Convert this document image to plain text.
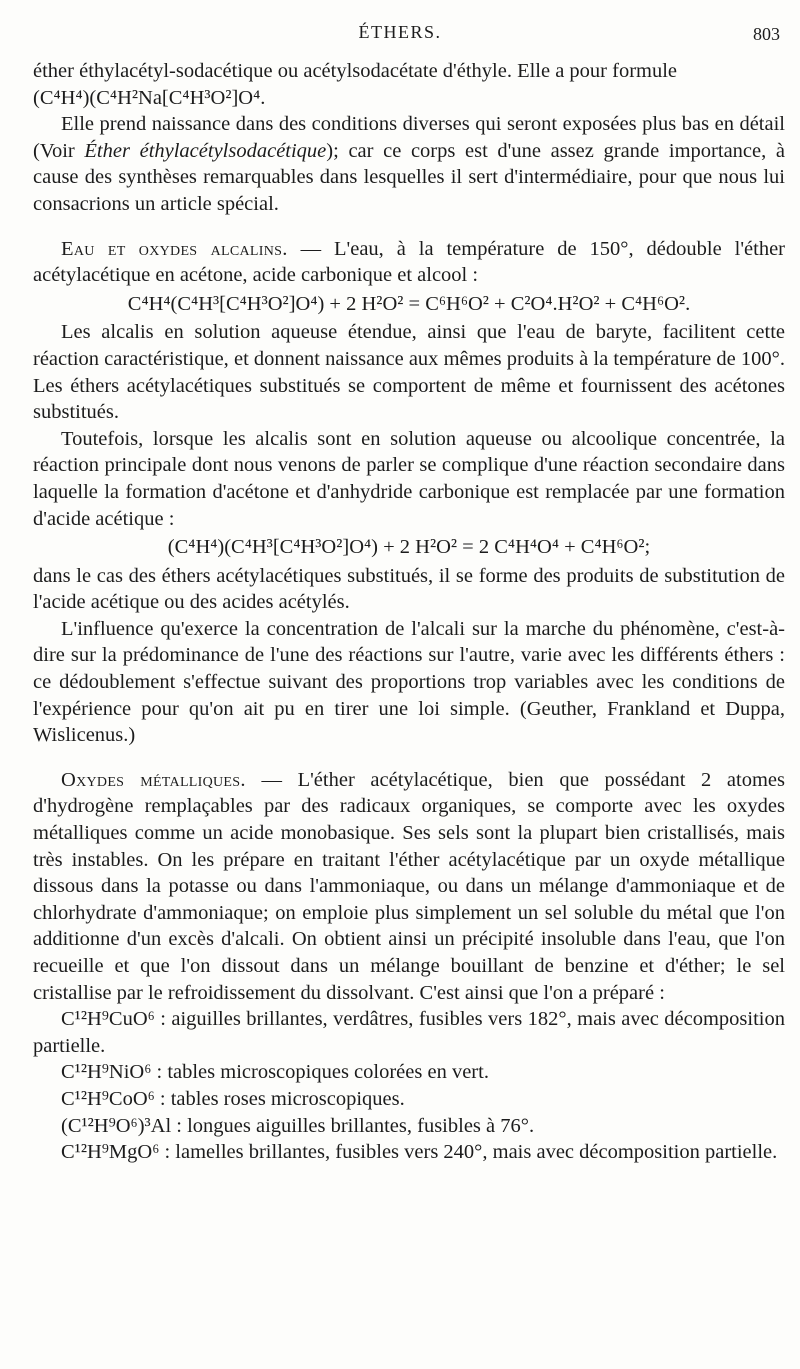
ÉTHERS.	803

éther éthylacétyl-sodacétique ou acétylsodacétate d'éthyle. Elle a pour formule
(C⁴H⁴)(C⁴H²Na[C⁴H³O²]O⁴.

Elle prend naissance dans des conditions diverses qui seront exposées plus bas en détail (Voir Éther éthylacétylsodacétique); car ce corps est d'une assez grande importance, à cause des synthèses remarquables dans lesquelles il sert d'intermédiaire, pour que nous lui consacrions un article spécial.

Eau et oxydes alcalins. — L'eau, à la température de 150°, dédouble l'éther acétylacétique en acétone, acide carbonique et alcool :

C⁴H⁴(C⁴H³[C⁴H³O²]O⁴) + 2 H²O² = C⁶H⁶O² + C²O⁴.H²O² + C⁴H⁶O².

Les alcalis en solution aqueuse étendue, ainsi que l'eau de baryte, facilitent cette réaction caractéristique, et donnent naissance aux mêmes produits à la température de 100°. Les éthers acétylacétiques substitués se comportent de même et fournissent des acétones substitués.

Toutefois, lorsque les alcalis sont en solution aqueuse ou alcoolique concentrée, la réaction principale dont nous venons de parler se complique d'une réaction secondaire dans laquelle la formation d'acétone et d'anhydride carbonique est remplacée par une formation d'acide acétique :

(C⁴H⁴)(C⁴H³[C⁴H³O²]O⁴) + 2 H²O² = 2 C⁴H⁴O⁴ + C⁴H⁶O²;

dans le cas des éthers acétylacétiques substitués, il se forme des produits de substitution de l'acide acétique ou des acides acétylés.

L'influence qu'exerce la concentration de l'alcali sur la marche du phénomène, c'est-à-dire sur la prédominance de l'une des réactions sur l'autre, varie avec les différents éthers : ce dédoublement s'effectue suivant des proportions trop variables avec les conditions de l'expérience pour qu'on ait pu en tirer une loi simple. (Geuther, Frankland et Duppa, Wislicenus.)

Oxydes métalliques. — L'éther acétylacétique, bien que possédant 2 atomes d'hydrogène remplaçables par des radicaux organiques, se comporte avec les oxydes métalliques comme un acide monobasique. Ses sels sont la plupart bien cristallisés, mais très instables. On les prépare en traitant l'éther acétylacétique par un oxyde métallique dissous dans la potasse ou dans l'ammoniaque, ou dans un mélange d'ammoniaque et de chlorhydrate d'ammoniaque; on emploie plus simplement un sel soluble du métal que l'on additionne d'un excès d'alcali. On obtient ainsi un précipité insoluble dans l'eau, que l'on recueille et que l'on dissout dans un mélange bouillant de benzine et d'éther; le sel cristallise par le refroidissement du dissolvant. C'est ainsi que l'on a préparé :

C¹²H⁹CuO⁶ : aiguilles brillantes, verdâtres, fusibles vers 182°, mais avec décomposition partielle.

C¹²H⁹NiO⁶ : tables microscopiques colorées en vert.

C¹²H⁹CoO⁶ : tables roses microscopiques.

(C¹²H⁹O⁶)³Al : longues aiguilles brillantes, fusibles à 76°.

C¹²H⁹MgO⁶ : lamelles brillantes, fusibles vers 240°, mais avec décomposition partielle.
